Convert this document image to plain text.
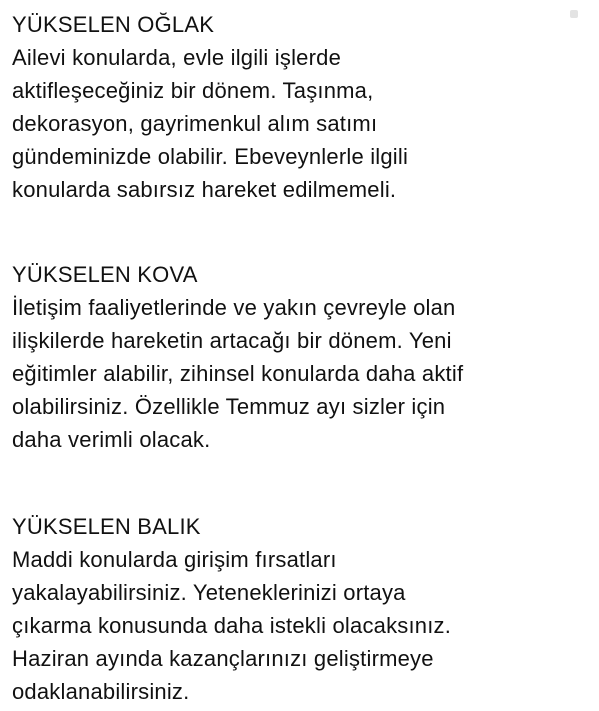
YÜKSELEN OĞLAK
Ailevi konularda, evle ilgili işlerde
aktifleşeceğiniz bir dönem. Taşınma,
dekorasyon, gayrimenkul alım satımı
gündeminizde olabilir. Ebeveynlerle ilgili
konularda sabırsız hareket edilmemeli.
YÜKSELEN KOVA
İletişim faaliyetlerinde ve yakın çevreyle olan
ilişkilerde hareketin artacağı bir dönem. Yeni
eğitimler alabilir, zihinsel konularda daha aktif
olabilirsiniz. Özellikle Temmuz ayı sizler için
daha verimli olacak.
YÜKSELEN BALIK
Maddi konularda girişim fırsatları
yakalayabilirsiniz. Yeteneklerinizi ortaya
çıkarma konusunda daha istekli olacaksınız.
Haziran ayında kazançlarınızı geliştirmeye
odaklanabilirsiniz.
